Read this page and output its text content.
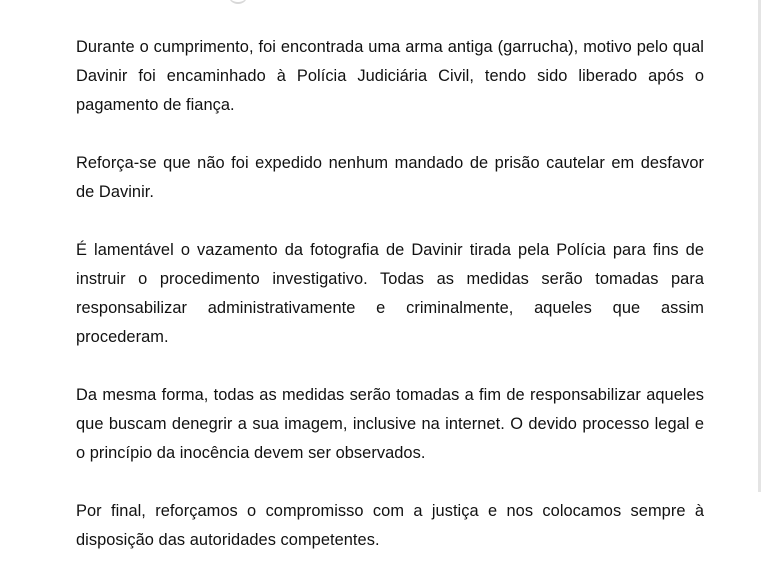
Durante o cumprimento, foi encontrada uma arma antiga (garrucha), motivo pelo qual Davinir foi encaminhado à Polícia Judiciária Civil, tendo sido liberado após o pagamento de fiança.

Reforça-se que não foi expedido nenhum mandado de prisão cautelar em desfavor de Davinir.

É lamentável o vazamento da fotografia de Davinir tirada pela Polícia para fins de instruir o procedimento investigativo. Todas as medidas serão tomadas para responsabilizar administrativamente e criminalmente, aqueles que assim procederam.

Da mesma forma, todas as medidas serão tomadas a fim de responsabilizar aqueles que buscam denegrir a sua imagem, inclusive na internet. O devido processo legal e o princípio da inocência devem ser observados.

Por final, reforçamos o compromisso com a justiça e nos colocamos sempre à disposição das autoridades competentes.
